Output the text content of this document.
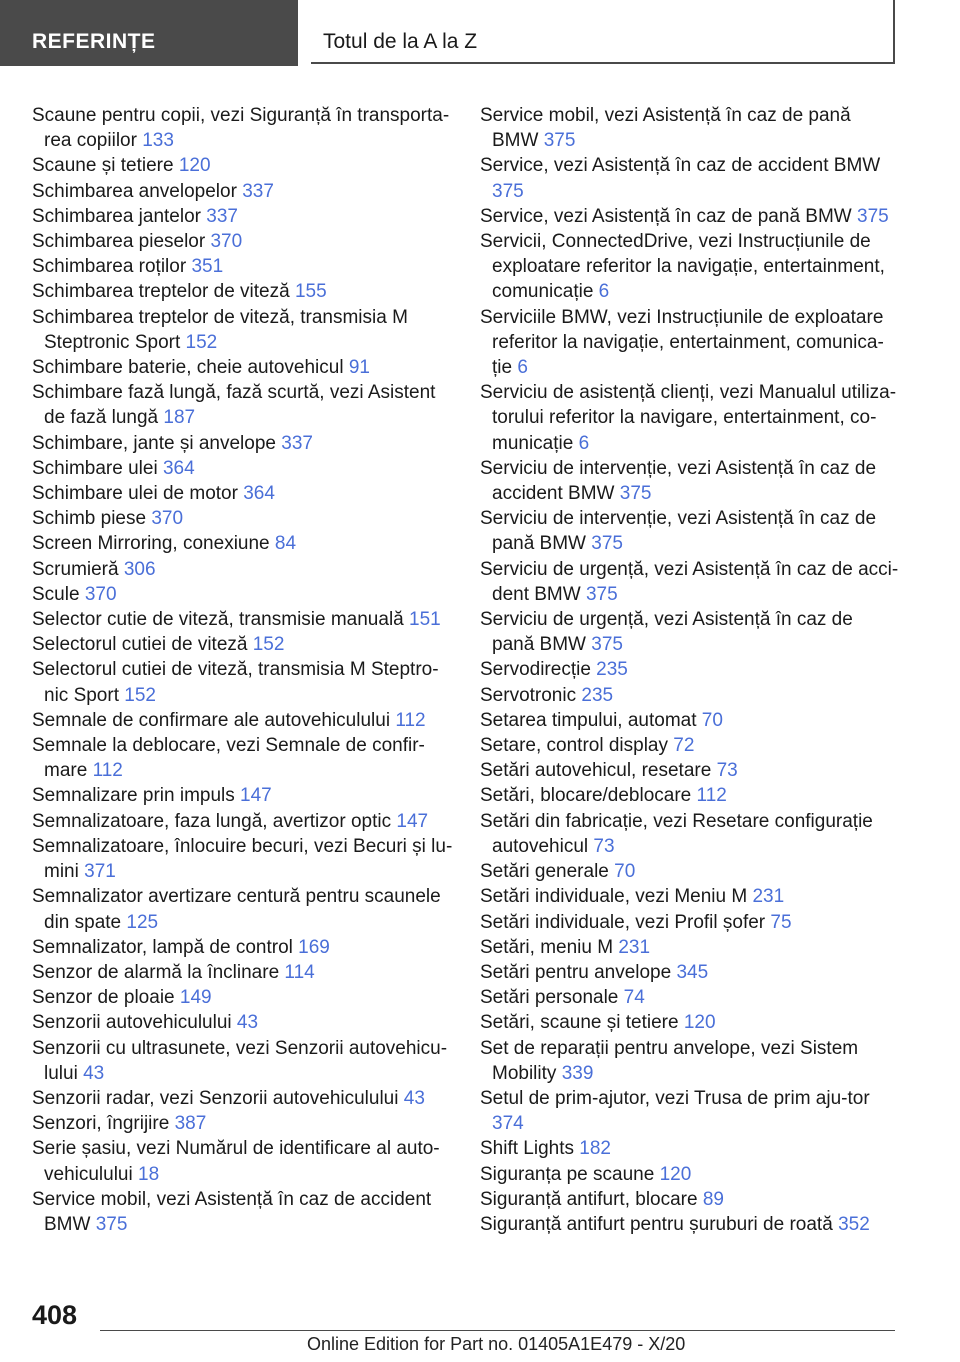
REFERINȚE	Totul de la A la Z

Scaune pentru copii, vezi Siguranță în transporta‐rea copiilor 133

Scaune și tetiere 120

Schimbarea anvelopelor 337

Schimbarea jantelor 337

Schimbarea pieselor 370

Schimbarea roților 351

Schimbarea treptelor de viteză 155

Schimbarea treptelor de viteză, transmisia M Steptronic Sport 152

Schimbare baterie, cheie autovehicul 91

Schimbare fază lungă, fază scurtă, vezi Asistent de fază lungă 187

Schimbare, jante și anvelope 337

Schimbare ulei 364

Schimbare ulei de motor 364

Schimb piese 370

Screen Mirroring, conexiune 84

Scrumieră 306

Scule 370

Selector cutie de viteză, transmisie manuală 151

Selectorul cutiei de viteză 152

Selectorul cutiei de viteză, transmisia M Steptro‐nic Sport 152

Semnale de confirmare ale autovehiculului 112

Semnale la deblocare, vezi Semnale de confir‐mare 112

Semnalizare prin impuls 147

Semnalizatoare, faza lungă, avertizor optic 147

Semnalizatoare, înlocuire becuri, vezi Becuri și lu‐mini 371

Semnalizator avertizare centură pentru scaunele din spate 125

Semnalizator, lampă de control 169

Senzor de alarmă la înclinare 114

Senzor de ploaie 149

Senzorii autovehiculului 43

Senzorii cu ultrasunete, vezi Senzorii autovehicu‐lului 43

Senzorii radar, vezi Senzorii autovehiculului 43

Senzori, îngrijire 387

Serie șasiu, vezi Numărul de identificare al auto‐vehiculului 18

Service mobil, vezi Asistență în caz de accident BMW 375

Service mobil, vezi Asistență în caz de pană BMW 375

Service, vezi Asistență în caz de accident BMW 375

Service, vezi Asistență în caz de pană BMW 375

Servicii, ConnectedDrive, vezi Instrucțiunile de exploatare referitor la navigație, entertainment, comunicație 6

Serviciile BMW, vezi Instrucțiunile de exploatare referitor la navigație, entertainment, comunica‐ție 6

Serviciu de asistență clienți, vezi Manualul utiliza‐torului referitor la navigare, entertainment, co‐municație 6

Serviciu de intervenție, vezi Asistență în caz de accident BMW 375

Serviciu de intervenție, vezi Asistență în caz de pană BMW 375

Serviciu de urgență, vezi Asistență în caz de acci‐dent BMW 375

Serviciu de urgență, vezi Asistență în caz de pană BMW 375

Servodirecție 235

Servotronic 235

Setarea timpului, automat 70

Setare, control display 72

Setări autovehicul, resetare 73

Setări, blocare/deblocare 112

Setări din fabricație, vezi Resetare configurație autovehicul 73

Setări generale 70

Setări individuale, vezi Meniu M 231

Setări individuale, vezi Profil șofer 75

Setări, meniu M 231

Setări pentru anvelope 345

Setări personale 74

Setări, scaune și tetiere 120

Set de reparații pentru anvelope, vezi Sistem Mobility 339

Setul de prim-ajutor, vezi Trusa de prim aju‐tor 374

Shift Lights 182

Siguranța pe scaune 120

Siguranță antifurt, blocare 89

Siguranță antifurt pentru șuruburi de roată 352

408
Online Edition for Part no. 01405A1E479 - X/20
